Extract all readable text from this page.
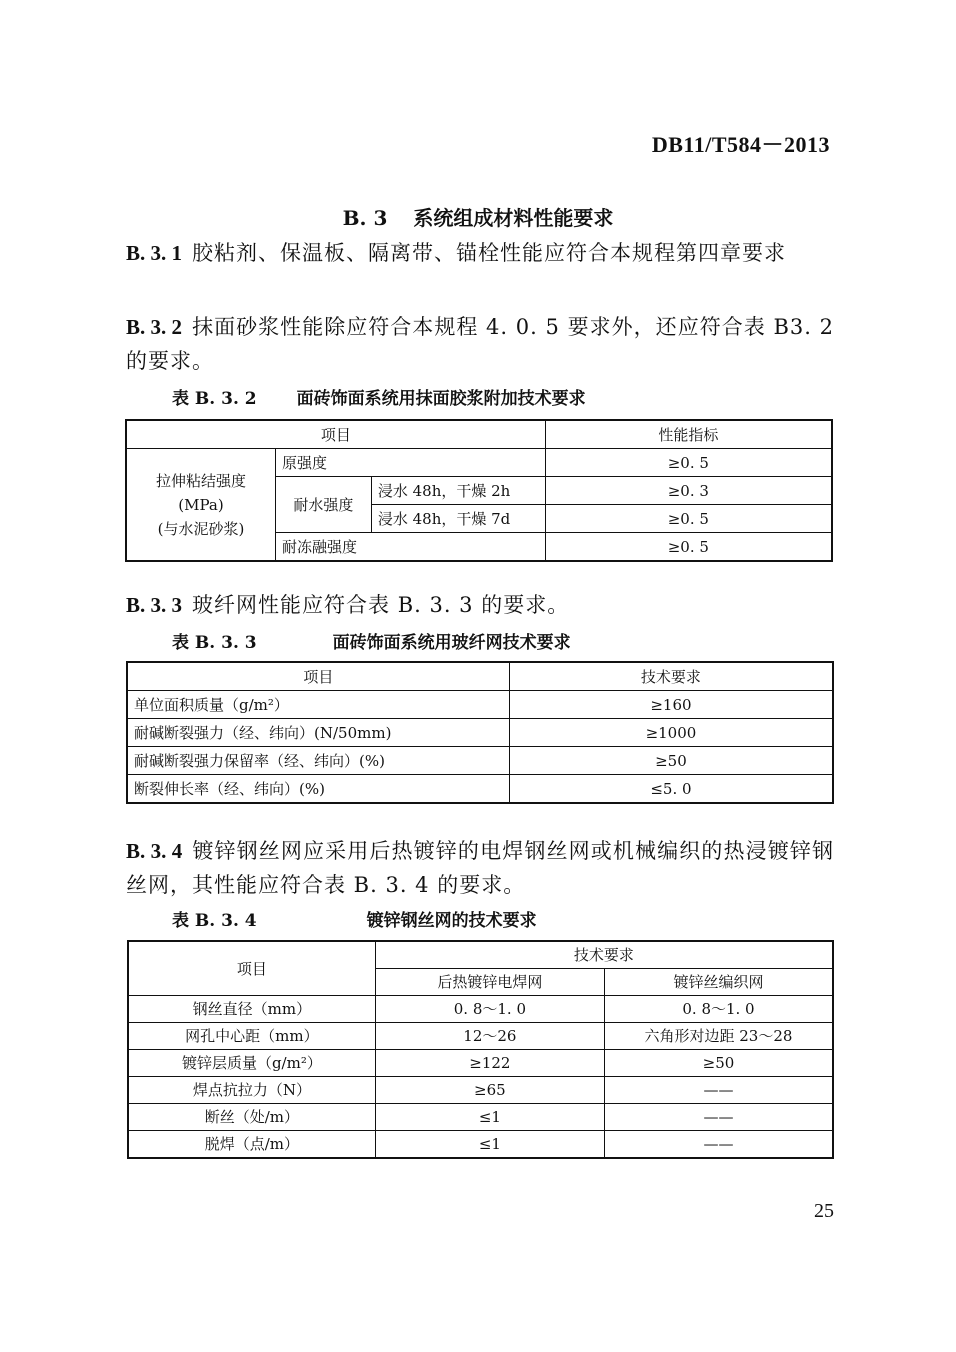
DB11/T584－2013
B. 3 系统组成材料性能要求
B. 3. 1 胶粘剂、保温板、隔离带、锚栓性能应符合本规程第四章要求
B. 3. 2 抹面砂浆性能除应符合本规程 4. 0. 5 要求外，还应符合表 B3. 2 的要求。
表 B. 3. 2 面砖饰面系统用抹面胶浆附加技术要求
项目			性能指标

拉伸粘结强度
(MPa)
(与水泥砂浆)	原强度		≥0. 5
	耐水强度	浸水 48h，干燥 2h	≥0. 3
		浸水 48h，干燥 7d	≥0. 5
	耐冻融强度		≥0. 5
B. 3. 3 玻纤网性能应符合表 B. 3. 3 的要求。
表 B. 3. 3	面砖饰面系统用玻纤网技术要求
项目	技术要求
单位面积质量（g/m²）	≥160
耐碱断裂强力（经、纬向）(N/50mm)	≥1000
耐碱断裂强力保留率（经、纬向）(%)	≥50
断裂伸长率（经、纬向）(%)	≤5. 0
B. 3. 4 镀锌钢丝网应采用后热镀锌的电焊钢丝网或机械编织的热浸镀锌钢丝网，其性能应符合表 B. 3. 4 的要求。
表 B. 3. 4	镀锌钢丝网的技术要求
项目	技术要求	
	后热镀锌电焊网	镀锌丝编织网
钢丝直径（mm）	0. 8～1. 0	0. 8～1. 0
网孔中心距（mm）	12～26	六角形对边距 23～28
镀锌层质量（g/m²）	≥122	≥50
焊点抗拉力（N）	≥65	——
断丝（处/m）	≤1	——
脱焊（点/m）	≤1	——
25
